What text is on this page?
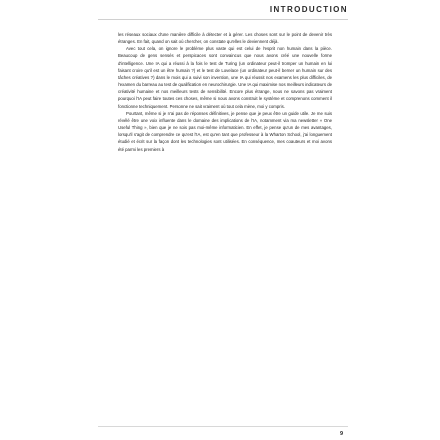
INTRODUCTION

les réseaux sociaux d'une manière difficile à détecter et à gérer. Les choses sont sur le point de devenir très étranges. En fait, quand on sait où chercher, on constate qu'elles le deviennent déjà.

Avec tout cela, on ignore le problème plus vaste qui est celui de l'esprit non humain dans la pièce. Beaucoup de gens sensés et perspicaces sont convaincus que nous avons créé une nouvelle forme d'intelligence. Une IA qui a réussi à la fois le test de Turing (un ordinateur peut-il tromper un humain en lui faisant croire qu'il est un être humain ?) et le test de Lovelace (un ordinateur peut-il berner un humain sur des tâches créatives ?) dans le mois qui a suivi son invention, une IA qui réussit nos examens les plus difficiles, de l'examen du barreau au test de qualification en neurochirurgie. Une IA qui maximise nos meilleurs indicateurs de créativité humaine et nos meilleurs tests de sensibilité. Encore plus étrange, nous ne savons pas vraiment pourquoi l'IA peut faire toutes ces choses, même si nous avons construit le système et comprenons comment il fonctionne techniquement. Personne ne sait vraiment où tout cela mène, moi y compris.

Pourtant, même si je n'ai pas de réponses définitives, je pense que je peux être un guide utile. Je me suis révélé être une voix influente dans le domaine des implications de l'IA, notamment via ma newsletter « One Useful Thing », bien que je ne sois pas moi-même informaticien. En effet, je pense qu'un de mes avantages, lorsqu'il s'agit de comprendre ce qu'est l'IA, est qu'en tant que professeur à la Wharton School, j'ai longuement étudié et écrit sur la façon dont les technologies sont utilisées. En conséquence, mes coauteurs et moi avons été parmi les premiers à

9
